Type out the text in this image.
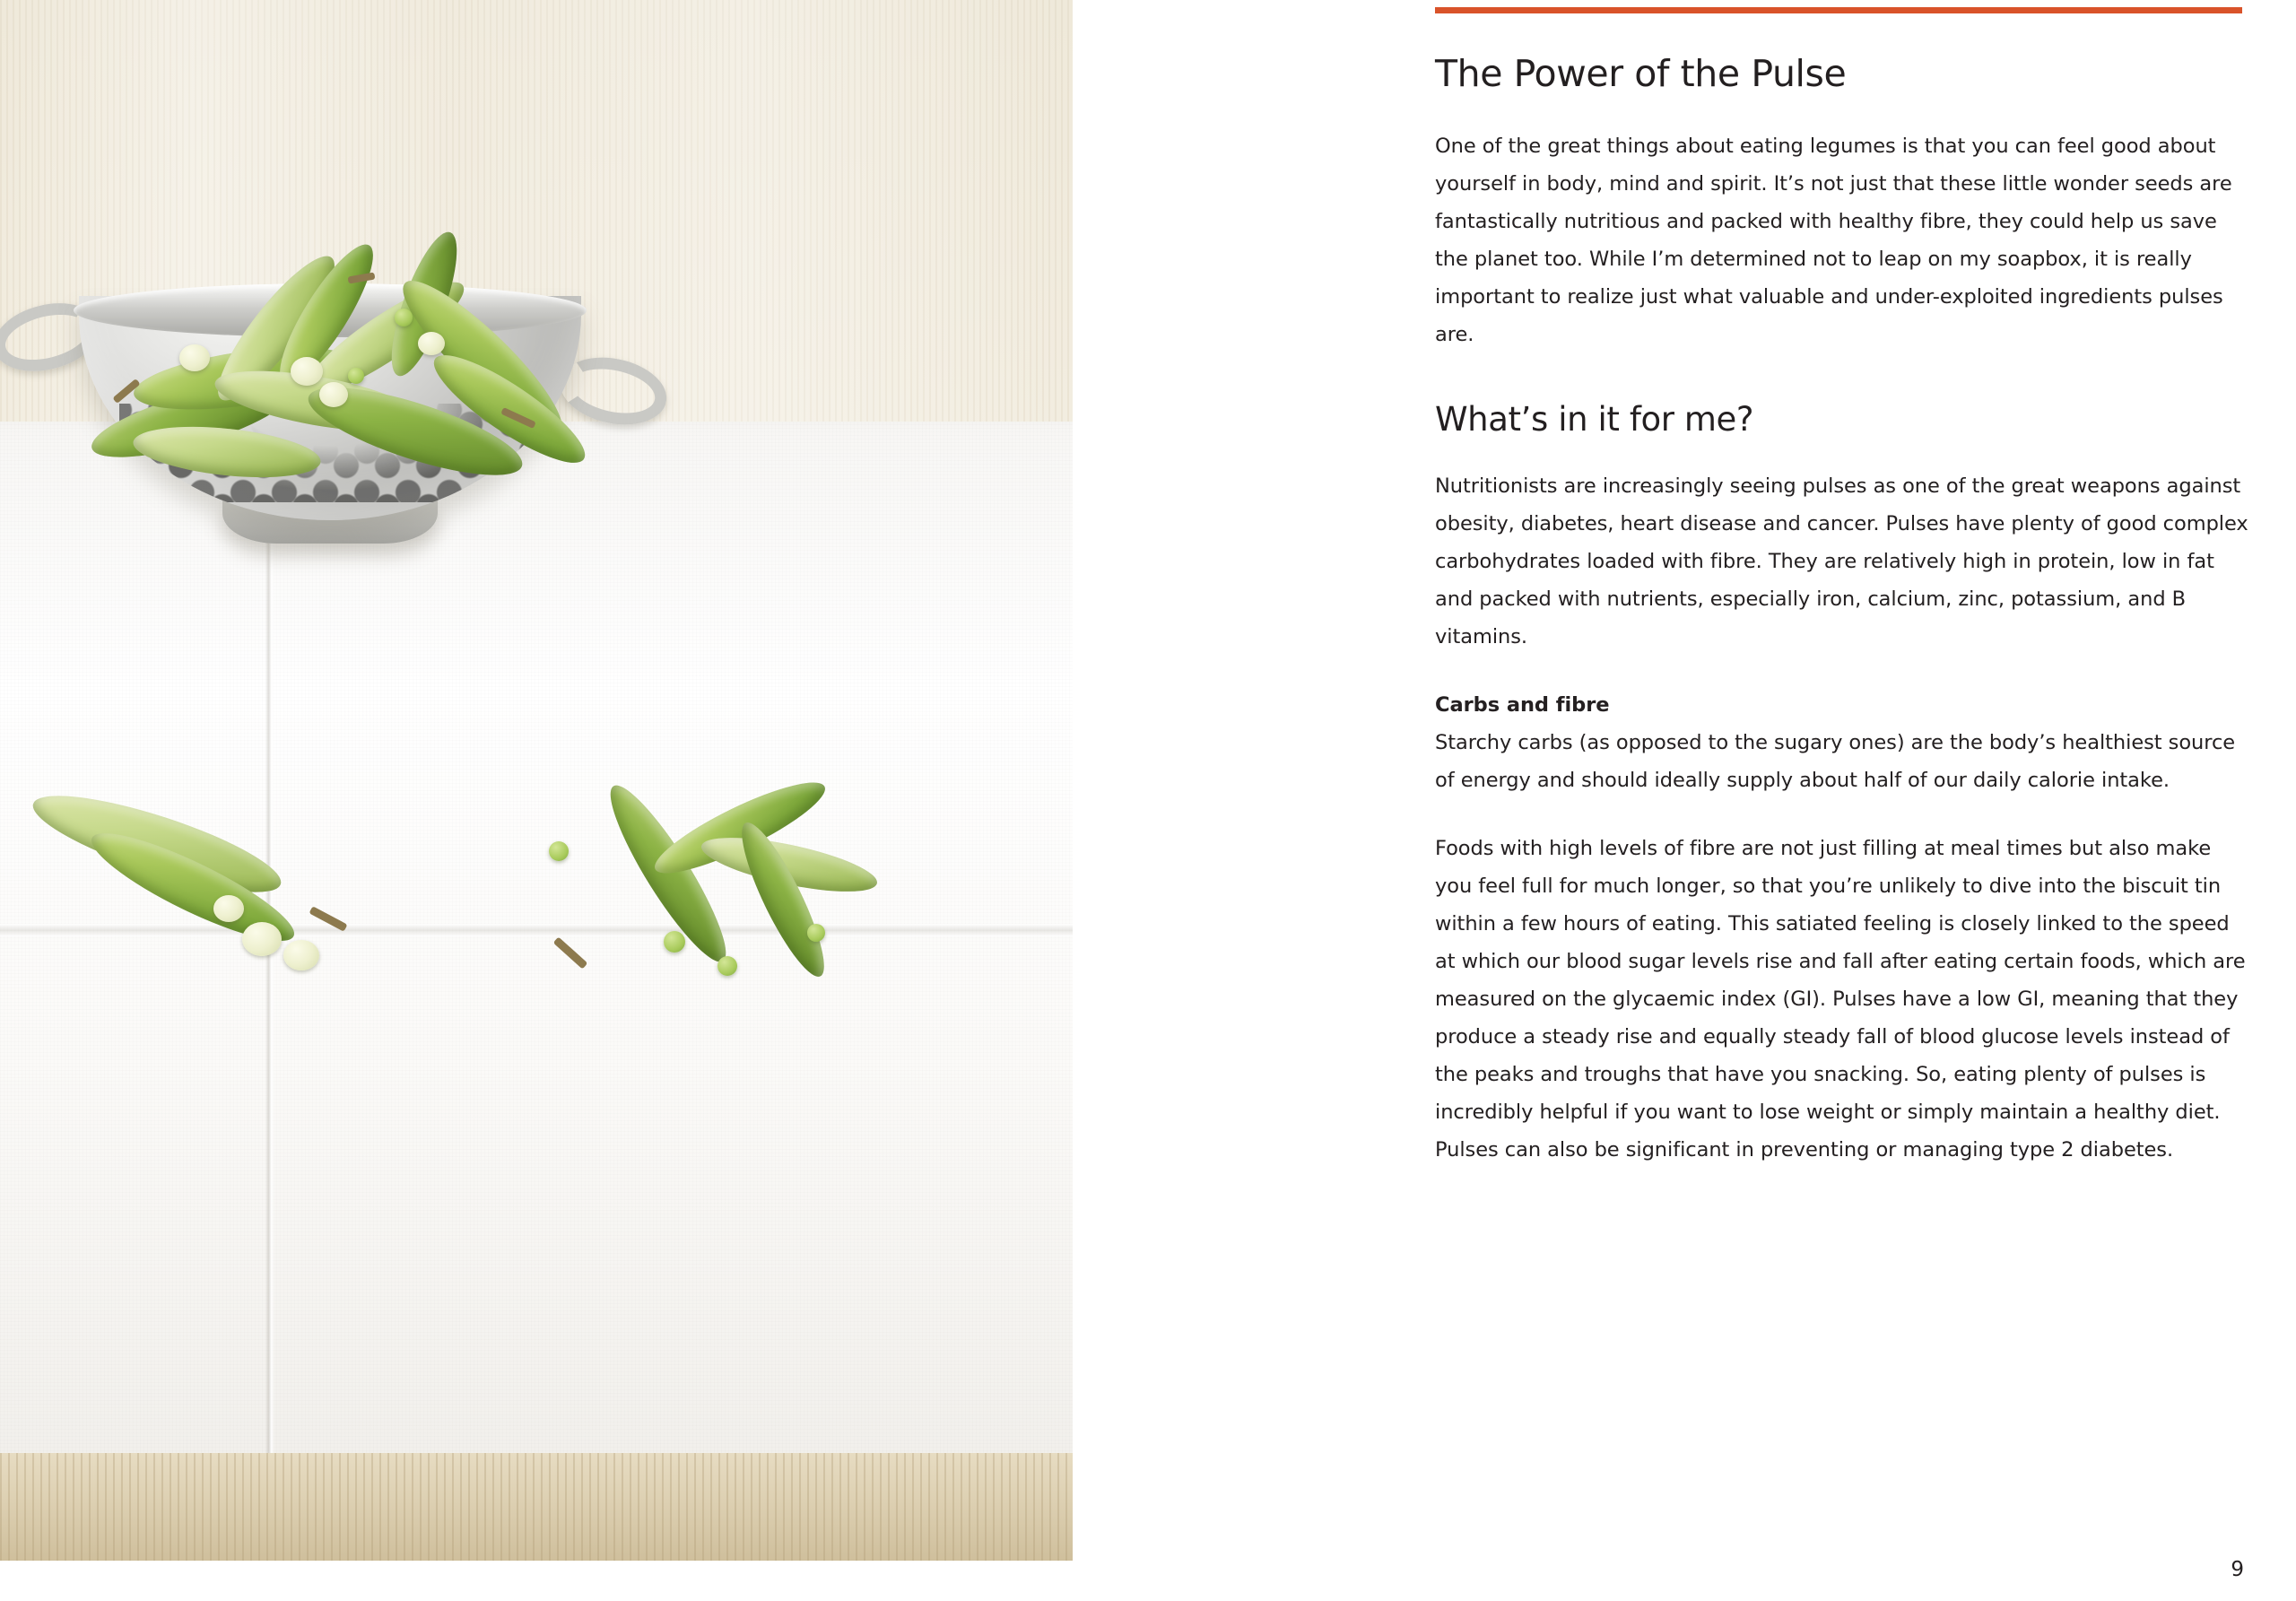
The Power of the Pulse

One of the great things about eating legumes is that you can feel good about yourself in body, mind and spirit. It’s not just that these little wonder seeds are fantastically nutritious and packed with healthy fibre, they could help us save the planet too. While I’m determined not to leap on my soapbox, it is really important to realize just what valuable and under-exploited ingredients pulses are.

What’s in it for me?

Nutritionists are increasingly seeing pulses as one of the great weapons against obesity, diabetes, heart disease and cancer. Pulses have plenty of good complex carbohydrates loaded with fibre. They are relatively high in protein, low in fat and packed with nutrients, especially iron, calcium, zinc, potassium, and B vitamins.

Carbs and fibre

Starchy carbs (as opposed to the sugary ones) are the body’s healthiest source of energy and should ideally supply about half of our daily calorie intake.

Foods with high levels of fibre are not just filling at meal times but also make you feel full for much longer, so that you’re unlikely to dive into the biscuit tin within a few hours of eating. This satiated feeling is closely linked to the speed at which our blood sugar levels rise and fall after eating certain foods, which are measured on the glycaemic index (GI). Pulses have a low GI, meaning that they produce a steady rise and equally steady fall of blood glucose levels instead of the peaks and troughs that have you snacking. So, eating plenty of pulses is incredibly helpful if you want to lose weight or simply maintain a healthy diet. Pulses can also be significant in preventing or managing type 2 diabetes.

9
